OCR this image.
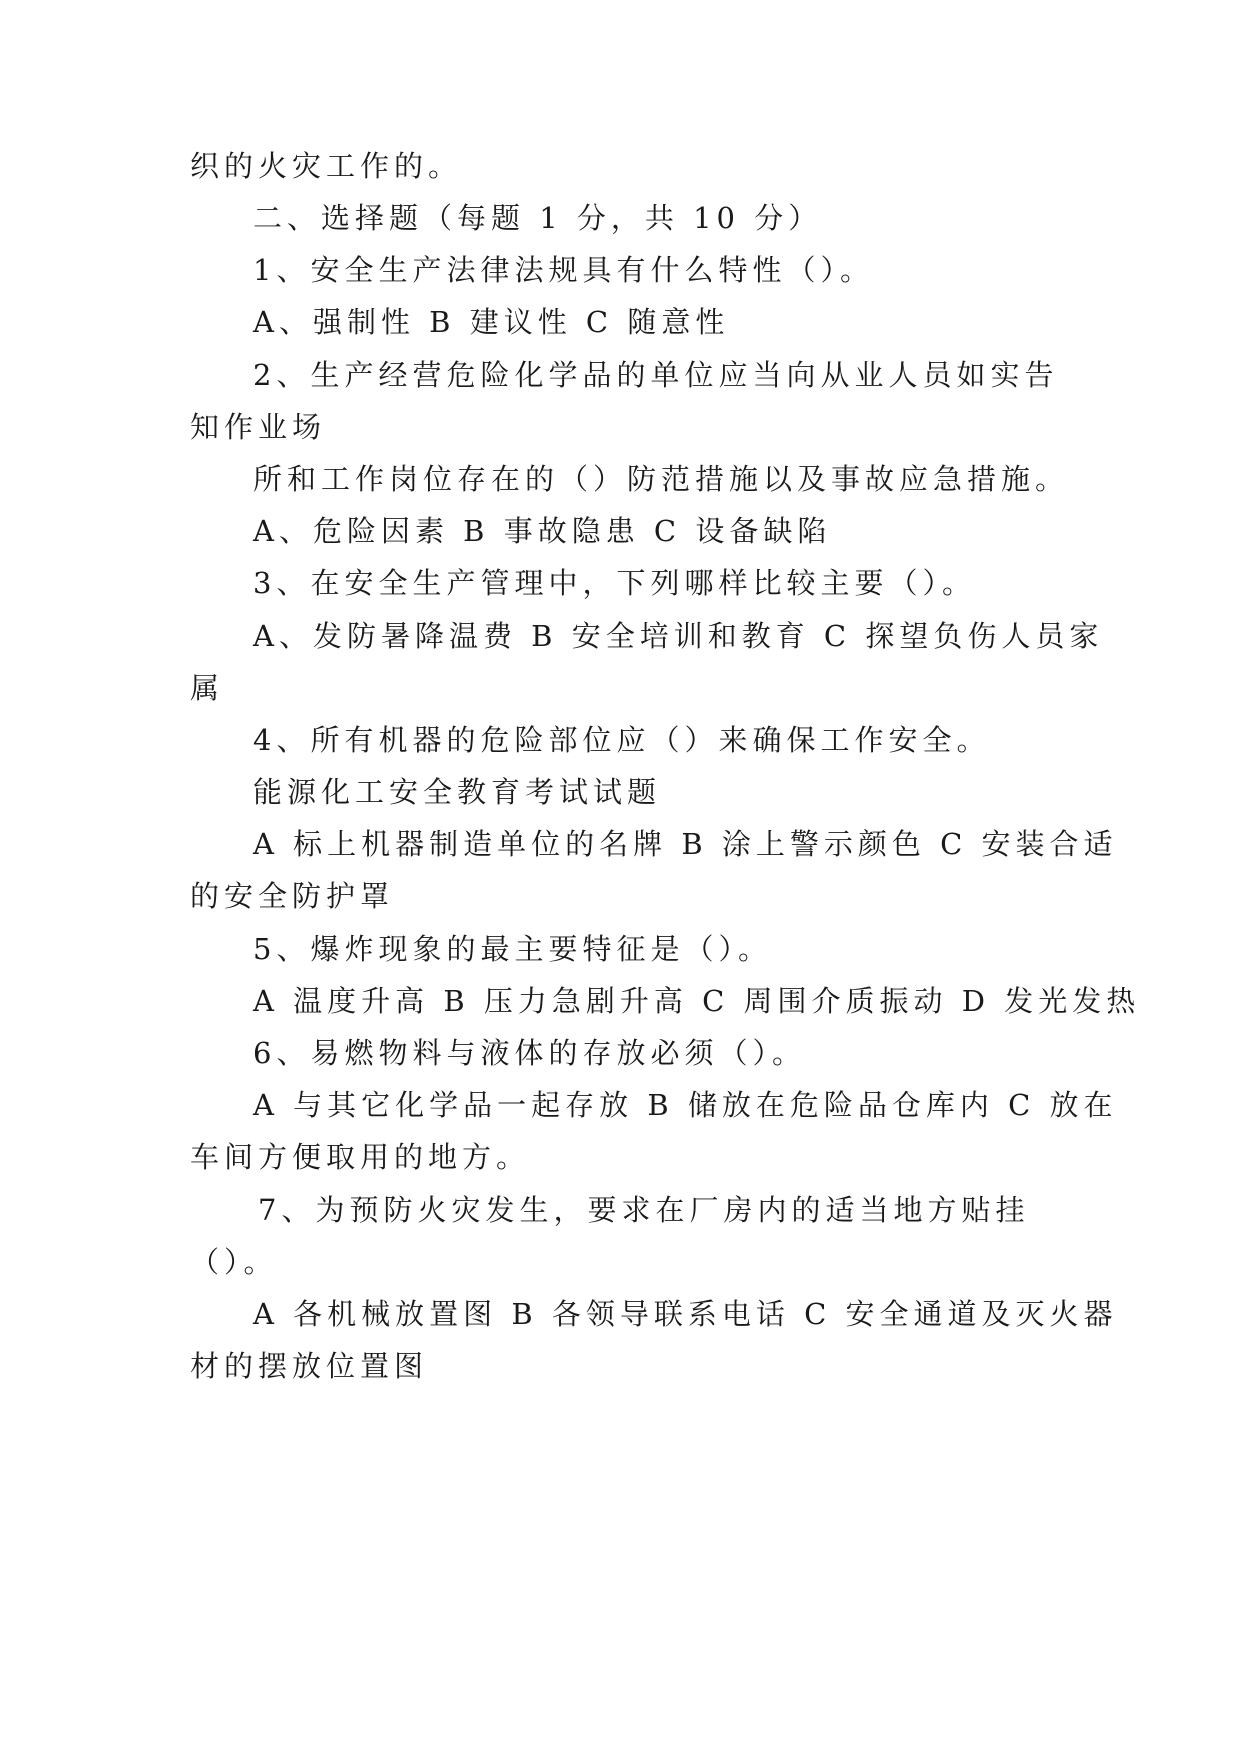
织的火灾工作的。
二、选择题（每题 1 分，共 10 分）
1、安全生产法律法规具有什么特性（）。
A、强制性 B 建议性 C 随意性
2、生产经营危险化学品的单位应当向从业人员如实告
知作业场
所和工作岗位存在的（）防范措施以及事故应急措施。
A、危险因素 B 事故隐患 C 设备缺陷
3、在安全生产管理中，下列哪样比较主要（）。
A、发防暑降温费 B 安全培训和教育 C 探望负伤人员家
属
4、所有机器的危险部位应（）来确保工作安全。
能源化工安全教育考试试题
A 标上机器制造单位的名牌 B 涂上警示颜色 C 安装合适
的安全防护罩
5、爆炸现象的最主要特征是（）。
A 温度升高 B 压力急剧升高 C 周围介质振动 D 发光发热
6、易燃物料与液体的存放必须（）。
A 与其它化学品一起存放 B 储放在危险品仓库内 C 放在
车间方便取用的地方。
7、为预防火灾发生，要求在厂房内的适当地方贴挂
（）。
A 各机械放置图 B 各领导联系电话 C 安全通道及灭火器
材的摆放位置图
